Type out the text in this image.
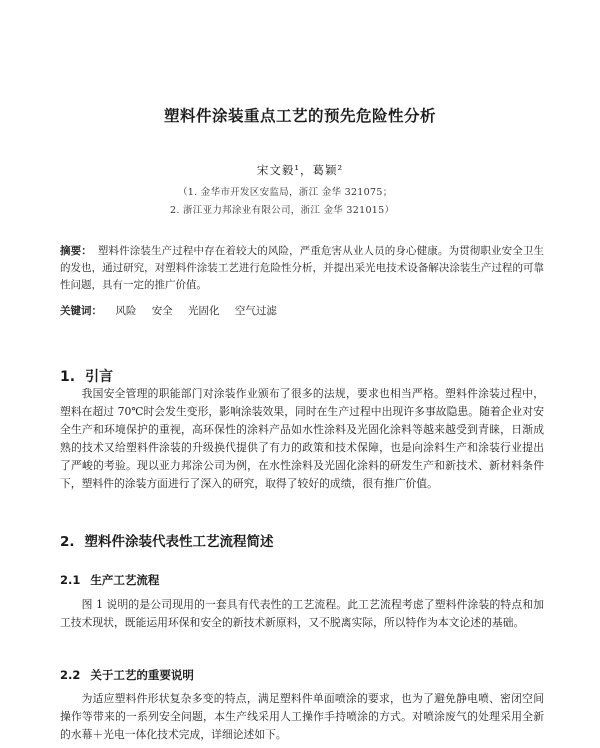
塑料件涂装重点工艺的预先危险性分析
宋文毅¹，葛颖²
（1. 金华市开发区安监局，浙江 金华 321075；
2. 浙江亚力邦涂业有限公司，浙江 金华 321015）
摘要： 塑料件涂装生产过程中存在着较大的风险，严重危害从业人员的身心健康。为贯彻职业安全卫生的发也，通过研究，对塑料件涂装工艺进行危险性分析，并提出采光电技术设备解决涂装生产过程的可靠性问题，具有一定的推广价值。
关键词： 风险 安全 光固化 空气过滤
1. 引言
我国安全管理的职能部门对涂装作业颁布了很多的法规，要求也相当严格。塑料件涂装过程中，塑料在超过 70℃时会发生变形，影响涂装效果，同时在生产过程中出现许多事故隐患。随着企业对安全生产和环境保护的重视，高环保性的涂料产品如水性涂料及光固化涂料等越来越受到青睐，日渐成熟的技术又给塑料件涂装的升级换代提供了有力的政策和技术保障，也是向涂料生产和涂装行业提出了严峻的考验。现以亚力邦涂公司为例，在水性涂料及光固化涂料的研发生产和新技术、新材料条件下，塑料件的涂装方面进行了深入的研究，取得了较好的成绩，很有推广价值。
2. 塑料件涂装代表性工艺流程简述
2.1 生产工艺流程
图 1 说明的是公司现用的一套具有代表性的工艺流程。此工艺流程考虑了塑料件涂装的特点和加工技术现状，既能运用环保和安全的新技术新原料，又不脱离实际，所以特作为本文论述的基础。
2.2 关于工艺的重要说明
为适应塑料件形状复杂多变的特点，满足塑料件单面喷涂的要求，也为了避免静电喷、密闭空间操作等带来的一系列安全问题，本生产线采用人工操作手持喷涂的方式。对喷涂废气的处理采用全新的水幕＋光电一体化技术完成，详细论述如下。
